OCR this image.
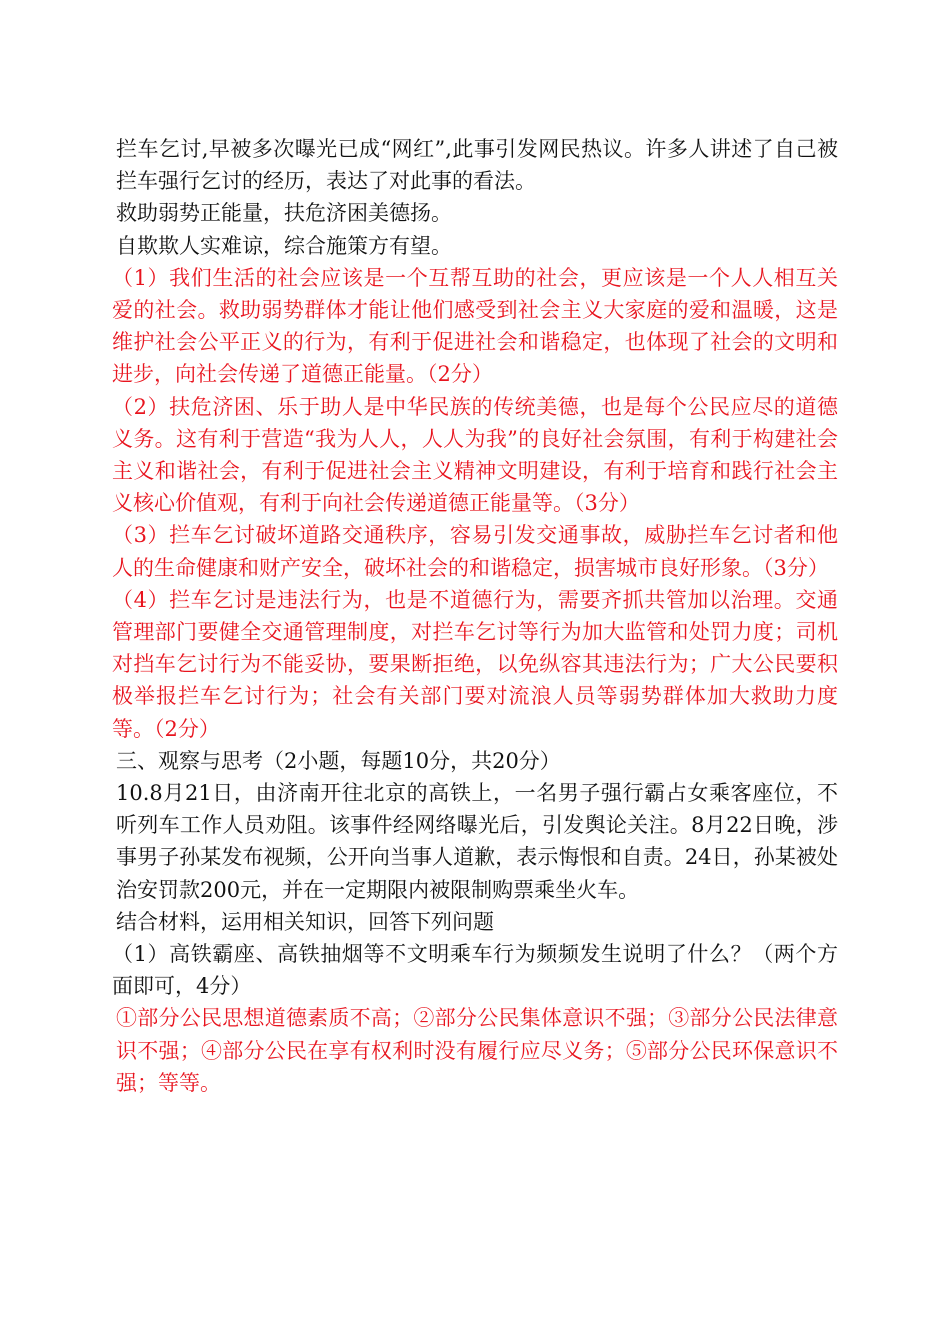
拦车乞讨,早被多次曝光已成“网红”,此事引发网民热议。许多人讲述了自己被拦车强行乞讨的经历，表达了对此事的看法。

救助弱势正能量，扶危济困美德扬。

自欺欺人实难谅，综合施策方有望。

（1）我们生活的社会应该是一个互帮互助的社会，更应该是一个人人相互关爱的社会。救助弱势群体才能让他们感受到社会主义大家庭的爱和温暖，这是维护社会公平正义的行为，有利于促进社会和谐稳定，也体现了社会的文明和进步，向社会传递了道德正能量。（2分）

（2）扶危济困、乐于助人是中华民族的传统美德，也是每个公民应尽的道德义务。这有利于营造“我为人人，人人为我”的良好社会氛围，有利于构建社会主义和谐社会，有利于促进社会主义精神文明建设，有利于培育和践行社会主义核心价值观，有利于向社会传递道德正能量等。（3分）

（3）拦车乞讨破坏道路交通秩序，容易引发交通事故，威胁拦车乞讨者和他人的生命健康和财产安全，破坏社会的和谐稳定，损害城市良好形象。（3分）

（4）拦车乞讨是违法行为，也是不道德行为，需要齐抓共管加以治理。交通管理部门要健全交通管理制度，对拦车乞讨等行为加大监管和处罚力度；司机对挡车乞讨行为不能妥协，要果断拒绝，以免纵容其违法行为；广大公民要积极举报拦车乞讨行为；社会有关部门要对流浪人员等弱势群体加大救助力度等。（2分）

三、观察与思考（2小题，每题10分，共20分）

10.8月21日，由济南开往北京的高铁上，一名男子强行霸占女乘客座位，不听列车工作人员劝阻。该事件经网络曝光后，引发舆论关注。8月22日晚，涉事男子孙某发布视频，公开向当事人道歉，表示悔恨和自责。24日，孙某被处治安罚款200元，并在一定期限内被限制购票乘坐火车。

结合材料，运用相关知识，回答下列问题

（1）高铁霸座、高铁抽烟等不文明乘车行为频频发生说明了什么？（两个方面即可，4分）

①部分公民思想道德素质不高；②部分公民集体意识不强；③部分公民法律意识不强；④部分公民在享有权利时没有履行应尽义务；⑤部分公民环保意识不强；等等。
